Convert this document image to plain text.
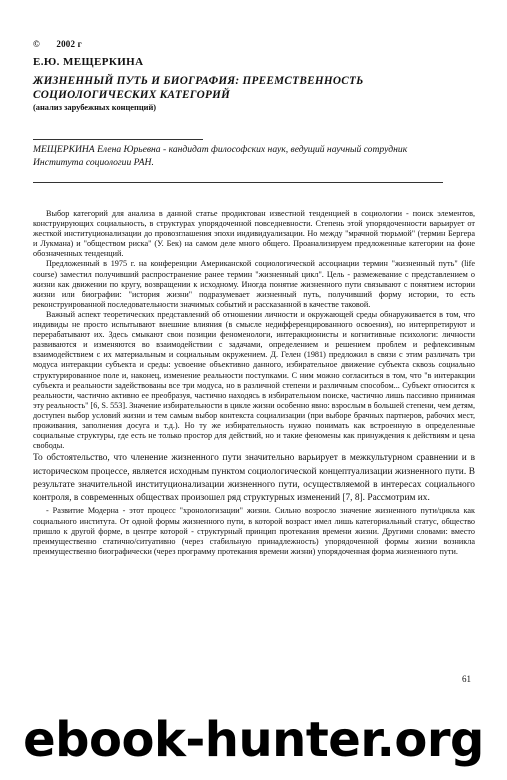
© 2002 г
Е.Ю. МЕЩЕРКИНА
ЖИЗНЕННЫЙ ПУТЬ И БИОГРАФИЯ: ПРЕЕМСТВЕННОСТЬ
СОЦИОЛОГИЧЕСКИХ КАТЕГОРИЙ
(анализ зарубежных концепций)
МЕЩЕРКИНА Елена Юрьевна - кандидат философских наук, ведущий научный сотрудник Института социологии РАН.

Выбор категорий для анализа в данной статье продиктован известной тенденцией в социологии - поиск элементов, конструирующих социальность, в структурах упорядоченной повседневности. Степень этой упорядоченности варьирует от жесткой институционализации до провозглашения эпохи индивидуализации. Но между "мрачной тюрьмой" (термин Бергера и Лукмана) и "обществом риска" (У. Бек) на самом деле много общего. Проанализируем предложенные категории на фоне обозначенных тенденций.

Предложенный в 1975 г. на конференции Американской социологической ассоциации термин "жизненный путь" (life course) заместил получивший распространение ранее термин "жизненный цикл". Цель - размежевание с представлением о жизни как движении по кругу, возвращении к исходному. Иногда понятие жизненного пути связывают с понятием истории жизни или биографии: "история жизни" подразумевает жизненный путь, получивший форму истории, то есть реконструированной последовательности значимых событий и рассказанной в качестве таковой.

Важный аспект теоретических представлений об отношении личности и окружающей среды обнаруживается в том, что индивиды не просто испытывают внешние влияния (в смысле недифференцированного освоения), но интерпретируют и перерабатывают их. Здесь смыкают свои позиции феноменологи, интеракционисты и когнитивные психологи: личности развиваются и изменяются во взаимодействии с задачами, определением и решением проблем и рефлексивным взаимодействием с их материальным и социальным окружением. Д. Гелен (1981) предложил в связи с этим различать три модуса интеракции субъекта и среды: усвоение объективно данного, избирательное движение субъекта сквозь социально структурированное поле и, наконец, изменение реальности поступками. С ним можно согласиться в том, что "в интеракции субъекта и реальности задействованы все три модуса, но в различной степени и различным способом... Субъект относится к реальности, частично активно ее преобразуя, частично находясь в избирательном поиске, частично лишь пассивно принимая эту реальность" [6, S. 553]. Значение избирательности в цикле жизни особенно явно: взрослым в большей степени, чем детям, доступен выбор условий жизни и тем самым выбор контекста социализации (при выборе брачных партнеров, рабочих мест, проживания, заполнения досуга и т.д.). Но ту же избирательность нужно понимать как встроенную в определенные социальные структуры, где есть не только простор для действий, но и такие феномены как принуждения к действиям и цена свободы.

То обстоятельство, что членение жизненного пути значительно варьирует в межкультурном сравнении и в историческом процессе, является исходным пунктом социологической концептуализации жизненного пути. В результате значительной институционализации жизненного пути, осуществляемой в интересах социального контроля, в современных обществах произошел ряд структурных изменений [7, 8]. Рассмотрим их.

- Развитие Модерна - этот процесс "хронологизации" жизни. Сильно возросло значение жизненного пути/цикла как социального института. От одной формы жизненного пути, в которой возраст имел лишь категориальный статус, общество пришло к другой форме, в центре которой - структурный принцип протекания времени жизни. Другими словами: вместо преимущественно статично/ситуативно (через стабильную принадлежность) упорядоченной формы жизни возникла преимущественно биографически (через программу протекания времени жизни) упорядоченная форма жизненного пути.

61
ebook-hunter.org
